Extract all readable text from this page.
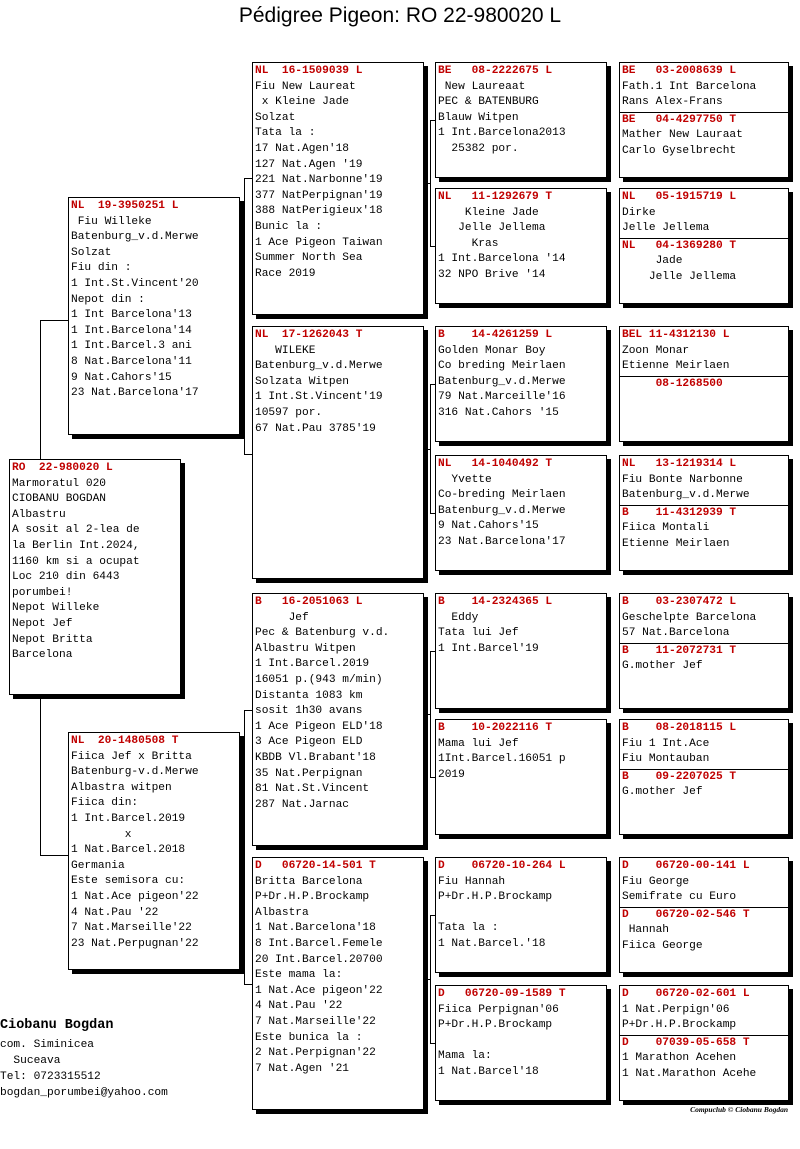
Pédigree Pigeon: RO 22-980020 L
RO  22-980020 L
Marmoratul 020
CIOBANU BOGDAN
Albastru
A sosit al 2-lea de
la Berlin Int.2024,
1160 km si a ocupat
Loc 210 din 6443
porumbei!
Nepot Willeke
Nepot Jef
Nepot Britta
Barcelona
NL  19-3950251 L
Fiu Willeke
Batenburg_v.d.Merwe
Solzat
Fiu din :
1 Int.St.Vincent'20
Nepot din :
1 Int Barcelona'13
1 Int.Barcelona'14
1 Int.Barcel.3 ani
8 Nat.Barcelona'11
9 Nat.Cahors'15
23 Nat.Barcelona'17
NL  20-1480508 T
Fiica Jef x Britta
Batenburg-v.d.Merwe
Albastra witpen
Fiica din:
1 Int.Barcel.2019
x
1 Nat.Barcel.2018
Germania
Este semisora cu:
1 Nat.Ace pigeon'22
4 Nat.Pau '22
7 Nat.Marseille'22
23 Nat.Perpugnan'22
NL  16-1509039 L
Fiu New Laureat
x Kleine Jade
Solzat
Tata la :
17 Nat.Agen'18
127 Nat.Agen '19
221 Nat.Narbonne'19
377 NatPerpignan'19
388 NatPerigieux'18
Bunic la :
1 Ace Pigeon Taiwan
Summer North Sea
Race 2019
NL  17-1262043 T
WILEKE
Batenburg_v.d.Merwe
Solzata Witpen
1 Int.St.Vincent'19
10597 por.
67 Nat.Pau 3785'19
B   16-2051063 L
Jef
Pec & Batenburg v.d.
Albastru Witpen
1 Int.Barcel.2019
16051 p.(943 m/min)
Distanta 1083 km
sosit 1h30 avans
1 Ace Pigeon ELD'18
3 Ace Pigeon ELD
KBDB Vl.Brabant'18
35 Nat.Perpignan
81 Nat.St.Vincent
287 Nat.Jarnac
D   06720-14-501 T
Britta Barcelona
P+Dr.H.P.Brockamp
Albastra
1 Nat.Barcelona'18
8 Int.Barcel.Femele
20 Int.Barcel.20700
Este mama la:
1 Nat.Ace pigeon'22
4 Nat.Pau '22
7 Nat.Marseille'22
Este bunica la :
2 Nat.Perpignan'22
7 Nat.Agen '21
BE   08-2222675 L
New Laureaat
PEC & BATENBURG
Blauw Witpen
1 Int.Barcelona2013
25382 por.
NL   11-1292679 T
Kleine Jade
Jelle Jellema
Kras
1 Int.Barcelona '14
32 NPO Brive '14
B    14-4261259 L
Golden Monar Boy
Co breding Meirlaen
Batenburg_v.d.Merwe
79 Nat.Marceille'16
316 Nat.Cahors '15
NL   14-1040492 T
Yvette
Co-breding Meirlaen
Batenburg_v.d.Merwe
9 Nat.Cahors'15
23 Nat.Barcelona'17
B    14-2324365 L
Eddy
Tata lui Jef
1 Int.Barcel'19
B    10-2022116 T
Mama lui Jef
1Int.Barcel.16051 p
2019
D    06720-10-264 L
Fiu Hannah
P+Dr.H.P.Brockamp

Tata la :
1 Nat.Barcel.'18
D   06720-09-1589 T
Fiica Perpignan'06
P+Dr.H.P.Brockamp

Mama la:
1 Nat.Barcel'18
BE   03-2008639 L
Fath.1 Int Barcelona
Rans Alex-Frans
BE   04-4297750 T
Mather New Lauraat
Carlo Gyselbrecht
NL   05-1915719 L
Dirke
Jelle Jellema
NL   04-1369280 T
Jade
Jelle Jellema
BEL 11-4312130 L
Zoon Monar
Etienne Meirlaen
08-1268500

NL   13-1219314 L
Fiu Bonte Narbonne
Batenburg_v.d.Merwe
B    11-4312939 T
Fiica Montali
Etienne Meirlaen
B    03-2307472 L
Geschelpte Barcelona
57 Nat.Barcelona
B    11-2072731 T
G.mother Jef
B    08-2018115 L
Fiu 1 Int.Ace
Fiu Montauban
B    09-2207025 T
G.mother Jef
D    06720-00-141 L
Fiu George
Semifrate cu Euro
D    06720-02-546 T
Hannah
Fiica George
D    06720-02-601 L
1 Nat.Perpign'06
P+Dr.H.P.Brockamp
D    07039-05-658 T
1 Marathon Acehen
1 Nat.Marathon Acehe
Ciobanu Bogdan
com. Siminicea
Suceava
Tel: 0723315512
bogdan_porumbei@yahoo.com
Compuclub © Ciobanu Bogdan
